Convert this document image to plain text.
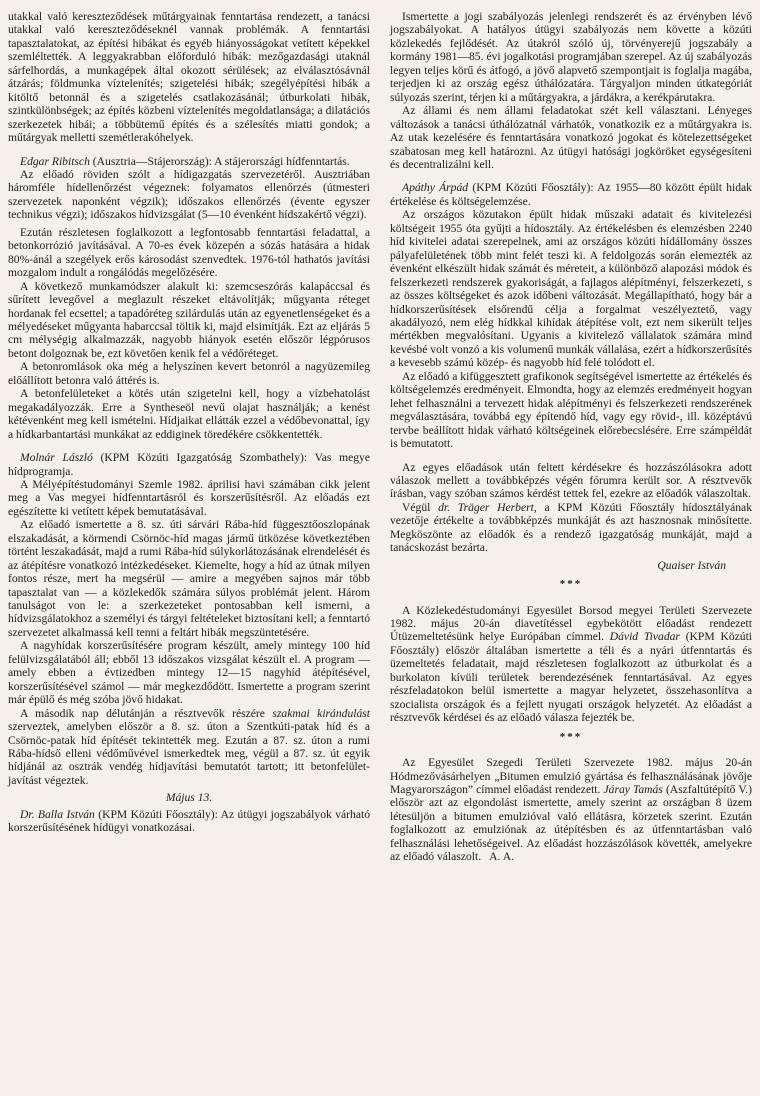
utakkal való kereszteződések műtárgyainak fenntartása rendezett, a tanácsi utakkal való kereszteződéseknél vannak problémák. A fenntartási tapasztalatokat, az építési hibákat és egyéb hiányosságokat vetített képekkel szemléltették. A leggyakrabban előforduló hibák: mezőgazdasági utaknál sárfelhordás, a munkagépek által okozott sérülések; az elválasztósávnál átzárás; földmunka víztelenítés; szigetelési hibák; szegélyépítési hibák a kitöltő betonnál és a szigetelés csatlakozásánál; útburkolati hibák, szintkülönbségek; az építés közbeni víztelenítés megoldatlansága; a dilatációs szerkezetek hibái; a többütemű építés és a szélesítés miatti gondok; a műtárgyak melletti szemétlerakóhelyek.

Edgar Ribitsch (Ausztria—Stájerország): A stájerországi hídfenntartás.

Az előadó röviden szólt a hídigazgatás szervezetéről. Ausztriában háromféle hídellenőrzést végeznek: folyamatos ellenőrzés (útmesteri szervezetek naponként végzik); időszakos ellenőrzés (évente egyszer technikus végzi); időszakos hídvizsgálat (5—10 évenként hídszakértő végzi).

Ezután részletesen foglalkozott a legfontosabb fenntartási feladattal, a betonkorrózió javításával. A 70-es évek közepén a sózás hatására a hidak 80%-ánál a szegélyek erős károsodást szenvedtek. 1976-tól hathatós javítási mozgalom indult a rongálódás megelőzésére.

A következő munkamódszer alakult ki: szemcseszórás kalapáccsal és sűrített levegővel a meglazult részeket eltávolítják; műgyanta réteget hordanak fel ecsettel; a tapadóréteg szilárdulás után az egyenetlenségeket és a mélyedéseket műgyanta habarccsal töltik ki, majd elsimítják. Ezt az eljárás 5 cm mélységig alkalmazzák, nagyobb hiányok esetén először légpórusos betont dolgoznak be, ezt követően kenik fel a védőréteget.

A betonromlások oka még a helyszínen kevert betonról a nagyüzemileg előállított betonra való áttérés is.

A betonfelületeket a kötés után szigetelni kell, hogy a vízbehatolást megakadályozzák. Erre a Syntheseöl nevű olajat használják; a kenést kétévenként meg kell ismételni. Hídjaikat ellátták ezzel a védőbevonattal, így a hídkarbantartási munkákat az eddiginek töredékére csökkentették.

Molnár László (KPM Közúti Igazgatóság Szombathely): Vas megye hídprogramja.

A Mélyépítéstudományi Szemle 1982. áprilisi havi számában cikk jelent meg a Vas megyei hídfenntartásról és korszerűsítésről. Az előadás ezt egészítette ki vetített képek bemutatásával.

Az előadó ismertette a 8. sz. úti sárvári Rába-híd függesztőoszlopának elszakadását, a körmendi Csörnöc-híd magas jármű ütközése következtében történt leszakadását, majd a rumi Rába-híd súlykorlátozásának elrendelését és az átépítésre vonatkozó intézkedéseket. Kiemelte, hogy a híd az útnak milyen fontos része, mert ha megsérül — amire a megyében sajnos már több tapasztalat van — a közlekedők számára súlyos problémát jelent. Három tanulságot von le: a szerkezeteket pontosabban kell ismerni, a hídvizsgálatokhoz a személyi és tárgyi feltételeket biztosítani kell; a fenntartó szervezetet alkalmassá kell tenni a feltárt hibák megszüntetésére.

A nagyhídak korszerűsítésére program készült, amely mintegy 100 híd felülvizsgálatából áll; ebből 13 időszakos vizsgálat készült el. A program — amely ebben a évtizedben mintegy 12—15 nagyhíd átépítésével, korszerűsítésével számol — már megkezdődött. Ismertette a program szerint már épülő és még szóba jövő hidakat.

A második nap délutánján a résztvevők részére szakmai kirándulást szerveztek, amelyben először a 8. sz. úton a Szentkúti-patak híd és a Csörnöc-patak híd építését tekintették meg. Ezután a 87. sz. úton a rumi Rába-hídső elleni védőművével ismerkedtek meg, végül a 87. sz. út egyik hídjánál az osztrák vendég hídjavítási bemutatót tartott; itt betonfelület-javítást végeztek.

Május 13.

Dr. Balla István (KPM Közúti Főosztály): Az útügyi jogszabályok várható korszerűsítésének hídügyi vonatkozásai.

Ismertette a jogi szabályozás jelenlegi rendszerét és az érvényben lévő jogszabályokat. A hatályos útügyi szabályozás nem követte a közúti közlekedés fejlődését. Az útakról szóló új, törvényerejű jogszabály a kormány 1981—85. évi jogalkotási programjában szerepel. Az új szabályozás legyen teljes körű és átfogó, a jövő alapvető szempontjait is foglalja magába, terjedjen ki az ország egész úthálózatára. Tárgyaljon minden útkategóriát súlyozás szerint, térjen ki a műtárgyakra, a járdákra, a kerékpárutakra.

Az állami és nem állami feladatokat szét kell választani. Lényeges változások a tanácsi úthálózatnál várhatók, vonatkozik ez a műtárgyakra is. Az utak kezelésére és fenntartására vonatkozó jogokat és kötelezettségeket szabatosan meg kell határozni. Az útügyi hatósági jogköröket egységesíteni és decentralizálni kell.

Apáthy Árpád (KPM Közúti Főosztály): Az 1955—80 között épült hidak értékelése és költségelemzése.

Az országos közutakon épült hidak műszaki adatait és kivitelezési költségeit 1955 óta gyűjti a hídosztály. Az értékelésben és elemzésben 2240 híd kivitelei adatai szerepelnek, ami az országos közúti hídállomány összes pályafelületének több mint felét teszi ki. A feldolgozás során elemezték az évenként elkészült hidak számát és méreteit, a különböző alapozási módok és felszerkezeti rendszerek gyakoriságát, a fajlagos alépítményi, felszerkezeti, s az összes költségeket és azok időbeni változását. Megállapítható, hogy bár a hídkorszerűsítések elsőrendű célja a forgalmat veszélyeztető, vagy akadályozó, nem elég hídkkal kihídak átépítése volt, ezt nem sikerült teljes mértékben megvalósítani. Ugyanis a kivitelező vállalatok számára mind kevésbé volt vonzó a kis volumenű munkák vállalása, ezért a hídkorszerűsítés a kevesebb számú közép- és nagyobb híd felé tolódott el.

Az előadó a kifüggesztett grafikonok segítségével ismertette az értékelés és költségelemzés eredményeit. Elmondta, hogy az elemzés eredményeit hogyan lehet felhasználni a tervezett hidak alépítményi és felszerkezeti rendszerének megválasztására, továbbá egy építendő híd, vagy egy rövid-, ill. középtávú tervbe beállított hidak várható költségeinek előrebecslésére. Erre számpéldát is bemutatott.

Az egyes előadások után feltett kérdésekre és hozzászólásokra adott válaszok mellett a továbbképzés végén fórumra került sor. A résztvevők írásban, vagy szóban számos kérdést tettek fel, ezekre az előadók válaszoltak.

Végül dr. Träger Herbert, a KPM Közúti Főosztály hídosztályának vezetője értékelte a továbbképzés munkáját és azt hasznosnak minősítette. Megköszönte az előadók és a rendező igazgatóság munkáját, majd a tanácskozást bezárta.

Quaiser István
***

A Közlekedéstudományi Egyesület Borsod megyei Területi Szervezete 1982. május 20-án diavetítéssel egybekötött előadást rendezett Útüzemeltetésünk helye Európában címmel. Dávid Tivadar (KPM Közúti Főosztály) először általában ismertette a téli és a nyári útfenntartás és üzemeltetés feladatait, majd részletesen foglalkozott az útburkolat és a burkolaton kívüli területek berendezésének fenntartásával. Az egyes részfeladatokon belül ismertette a magyar helyzetet, összehasonlítva a szocialista országok és a fejlett nyugati országok helyzetét. Az előadást a résztvevők kérdései és az előadó válasza fejezték be.

***

Az Egyesület Szegedi Területi Szervezete 1982. május 20-án Hódmezővásárhelyen „Bitumen emulzió gyártása és felhasználásának jövője Magyarországon” címmel előadást rendezett. Járay Tamás (Aszfaltútépítő V.) először azt az elgondolást ismertette, amely szerint az országban 8 üzem létesüljön a bitumen emulzióval való ellátásra, körzetek szerint. Ezután foglalkozott az emulziónak az útépítésben és az útfenntartásban való felhasználási lehetőségeivel. Az előadást hozzászólások követték, amelyekre az előadó válaszolt. A. A.
